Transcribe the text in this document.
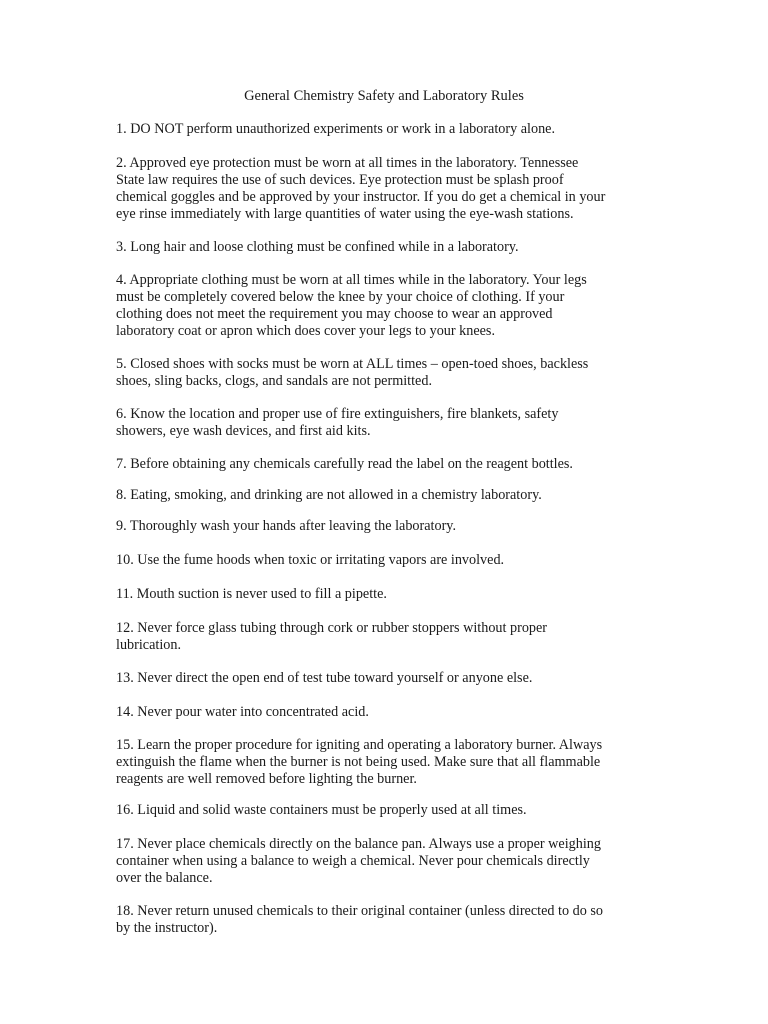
General Chemistry Safety and Laboratory Rules

1. DO NOT perform unauthorized experiments or work in a laboratory alone.

2. Approved eye protection must be worn at all times in the laboratory. Tennessee
State law requires the use of such devices. Eye protection must be splash proof
chemical goggles and be approved by your instructor. If you do get a chemical in your
eye rinse immediately with large quantities of water using the eye-wash stations.

3. Long hair and loose clothing must be confined while in a laboratory.

4. Appropriate clothing must be worn at all times while in the laboratory. Your legs
must be completely covered below the knee by your choice of clothing. If your
clothing does not meet the requirement you may choose to wear an approved
laboratory coat or apron which does cover your legs to your knees.

5. Closed shoes with socks must be worn at ALL times – open-toed shoes, backless
shoes, sling backs, clogs, and sandals are not permitted.

6. Know the location and proper use of fire extinguishers, fire blankets, safety
showers, eye wash devices, and first aid kits.

7. Before obtaining any chemicals carefully read the label on the reagent bottles.

8. Eating, smoking, and drinking are not allowed in a chemistry laboratory.

9. Thoroughly wash your hands after leaving the laboratory.

10. Use the fume hoods when toxic or irritating vapors are involved.

11. Mouth suction is never used to fill a pipette.

12. Never force glass tubing through cork or rubber stoppers without proper
lubrication.

13. Never direct the open end of test tube toward yourself or anyone else.

14. Never pour water into concentrated acid.

15. Learn the proper procedure for igniting and operating a laboratory burner. Always
extinguish the flame when the burner is not being used. Make sure that all flammable
reagents are well removed before lighting the burner.

16. Liquid and solid waste containers must be properly used at all times.

17. Never place chemicals directly on the balance pan. Always use a proper weighing
container when using a balance to weigh a chemical. Never pour chemicals directly
over the balance.

18. Never return unused chemicals to their original container (unless directed to do so
by the instructor).
